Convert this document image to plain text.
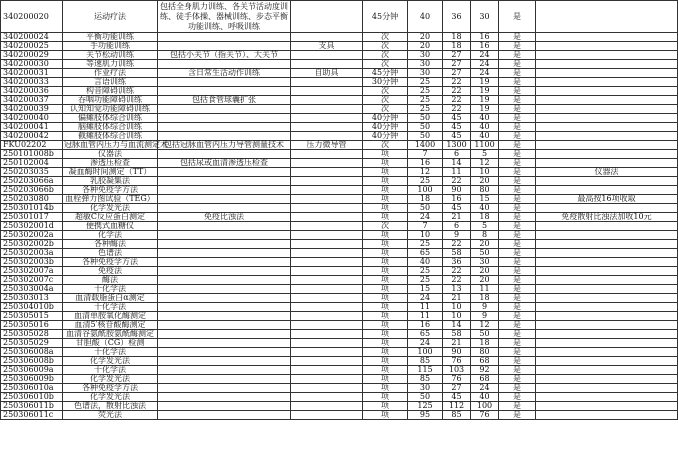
340200020	运动疗法	包括全身肌力训练、各关节活动度训练、徒手体操、器械训练、步态平衡功能训练、呼吸训练		45分钟	40	36	30	是	
340200024	平衡功能训练			次	20	18	16	是	
340200025	手功能训练		支具	次	20	18	16	是	
340200029	关节松动训练	包括小关节（指关节）、大关节		次	30	27	24	是	
340200030	等速肌力训练			次	30	27	24	是	
340200031	作业疗法	含日常生活动作训练	自助具	45分钟	30	27	24	是	
340200033	言语训练			30分钟	25	22	19	是	
340200036	构音障碍训练			次	25	22	19	是	
340200037	吞咽功能障碍训练	包括食管球囊扩张		次	25	22	19	是	
340200039	认知知觉功能障碍训练			次	25	22	19	是	
340200040	偏瘫肢体综合训练			40分钟	50	45	40	是	
340200041	脑瘫肢体综合训练			40分钟	50	45	40	是	
340200042	截瘫肢体综合训练			40分钟	50	45	40	是	
FKU02202	冠脉血管内压力与血流测定术	包括冠脉血管内压力导管测量技术	压力微导管	次	1400	1300	1100	是	
250101008b	仪器法			项	7	6	5	是	
250102004	渗透压检查	包括尿或血清渗透压检查		项	16	14	12	是	
250203035	凝血酶时间测定（TT）			项	12	11	10	是	仪器法
250203066a	乳胶凝集法			项	25	22	20	是	
250203066b	各种免疫学方法			项	100	90	80	是	
250203080	血栓弹力图试验（TEG）			项	18	16	15	是	最高按16项收取
250301014b	化学发光法			项	50	45	40	是	
250301017	超敏C反应蛋白测定	免疫比浊法		项	24	21	18	是	免疫散射比浊法加收10元
250302001d	便携式血糖仪			次	7	6	5	是	
250302002a	化学法			项	10	9	8	是	
250302002b	各种酶法			项	25	22	20	是	
250302003a	色谱法			项	65	58	50	是	
250302003b	各种免疫学方法			项	40	36	30	是	
250302007a	免疫法			项	25	22	20	是	
250302007c	酶法			项	25	22	20	是	
250303004a	干化学法			项	15	13	11	是	
250303013	血清载脂蛋白α测定			项	24	21	18	是	
250304010b	干化学法			项	11	10	9	是	
250305015	血清单胺氧化酶测定			项	11	10	9	是	
250305016	血清5′核苷酸酶测定			项	16	14	12	是	
250305028	血清谷氨酰胺氨酰酶测定			项	65	58	50	是	
250305029	甘胆酸（CG）检测			项	24	21	18	是	
250306008a	干化学法			项	100	90	80	是	
250306008b	化学发光法			项	85	76	68	是	
250306009a	干化学法			项	115	103	92	是	
250306009b	化学发光法			项	85	76	68	是	
250306010a	各种免疫学方法			项	30	27	24	是	
250306010b	化学发光法			项	50	45	40	是	
250306011b	色谱法，散射比浊法			项	125	112	100	是	
250306011c	荧光法			项	95	85	76	是	
